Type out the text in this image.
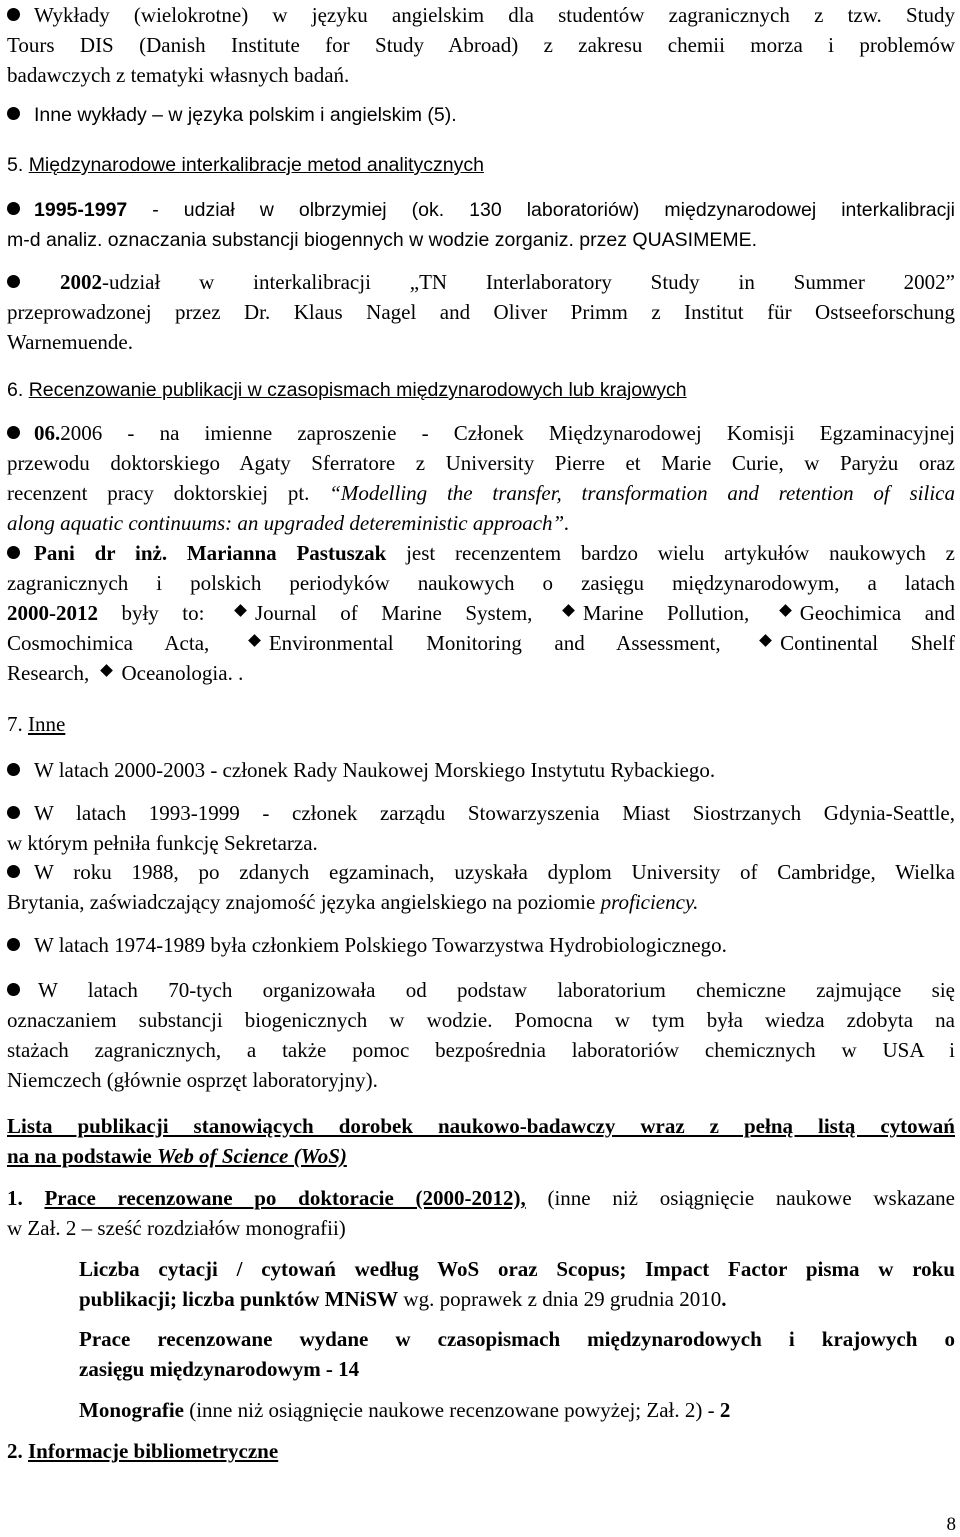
Wykłady (wielokrotne) w języku angielskim dla studentów zagranicznych z tzw. Study
Tours DIS (Danish Institute for Study Abroad) z zakresu chemii morza i problemów
badawczych z tematyki własnych badań.
Inne wykłady – w języka polskim i angielskim (5).
5. Międzynarodowe interkalibracje metod analitycznych
1995-1997 - udział w olbrzymiej (ok. 130 laboratoriów) międzynarodowej interkalibracji
m-d analiz. oznaczania substancji biogennych w wodzie zorganiz. przez QUASIMEME.
2002-udział w interkalibracji „TN Interlaboratory Study in Summer 2002”
przeprowadzonej przez Dr. Klaus Nagel and Oliver Primm z Institut für Ostseeforschung
Warnemuende.
6. Recenzowanie publikacji w czasopismach międzynarodowych lub krajowych
06.2006 - na imienne zaproszenie - Członek Międzynarodowej Komisji Egzaminacyjnej
przewodu doktorskiego Agaty Sferratore z University Pierre et Marie Curie, w Paryżu oraz
recenzent pracy doktorskiej pt. “Modelling the transfer, transformation and retention of silica
along aquatic continuums: an upgraded detereministic approach”.
Pani dr inż. Marianna Pastuszak jest recenzentem bardzo wielu artykułów naukowych z
zagranicznych i polskich periodyków naukowych o zasięgu międzynarodowym, a latach
2000-2012 były to: Journal of Marine System, Marine Pollution, Geochimica and
Cosmochimica Acta,	Environmental Monitoring and Assessment,	Continental Shelf
Research, Oceanologia. .
7. Inne
W latach 2000-2003 - członek Rady Naukowej Morskiego Instytutu Rybackiego.
W latach 1993-1999 - członek zarządu Stowarzyszenia Miast Siostrzanych Gdynia-Seattle,
w którym pełniła funkcję Sekretarza.
W roku 1988, po zdanych egzaminach, uzyskała dyplom University of Cambridge, Wielka
Brytania, zaświadczający znajomość języka angielskiego na poziomie proficiency.
W latach 1974-1989 była członkiem Polskiego Towarzystwa Hydrobiologicznego.
W latach 70-tych organizowała od podstaw laboratorium chemiczne zajmujące się
oznaczaniem substancji biogenicznych w wodzie. Pomocna w tym była wiedza zdobyta na
stażach zagranicznych, a także pomoc bezpośrednia laboratoriów chemicznych w USA i
Niemczech (głównie osprzęt laboratoryjny).
Lista publikacji stanowiących dorobek naukowo-badawczy wraz z pełną listą cytowań
na na podstawie Web of Science (WoS)
1. Prace recenzowane po doktoracie (2000-2012), (inne niż osiągnięcie naukowe wskazane
w Zał. 2 – sześć rozdziałów monografii)
Liczba cytacji / cytowań według WoS oraz Scopus; Impact Factor pisma w roku
publikacji; liczba punktów MNiSW wg. poprawek z dnia 29 grudnia 2010.
Prace recenzowane wydane w czasopismach międzynarodowych i krajowych o
zasięgu międzynarodowym - 14
Monografie (inne niż osiągnięcie naukowe recenzowane powyżej; Zał. 2) - 2
2. Informacje bibliometryczne
8
